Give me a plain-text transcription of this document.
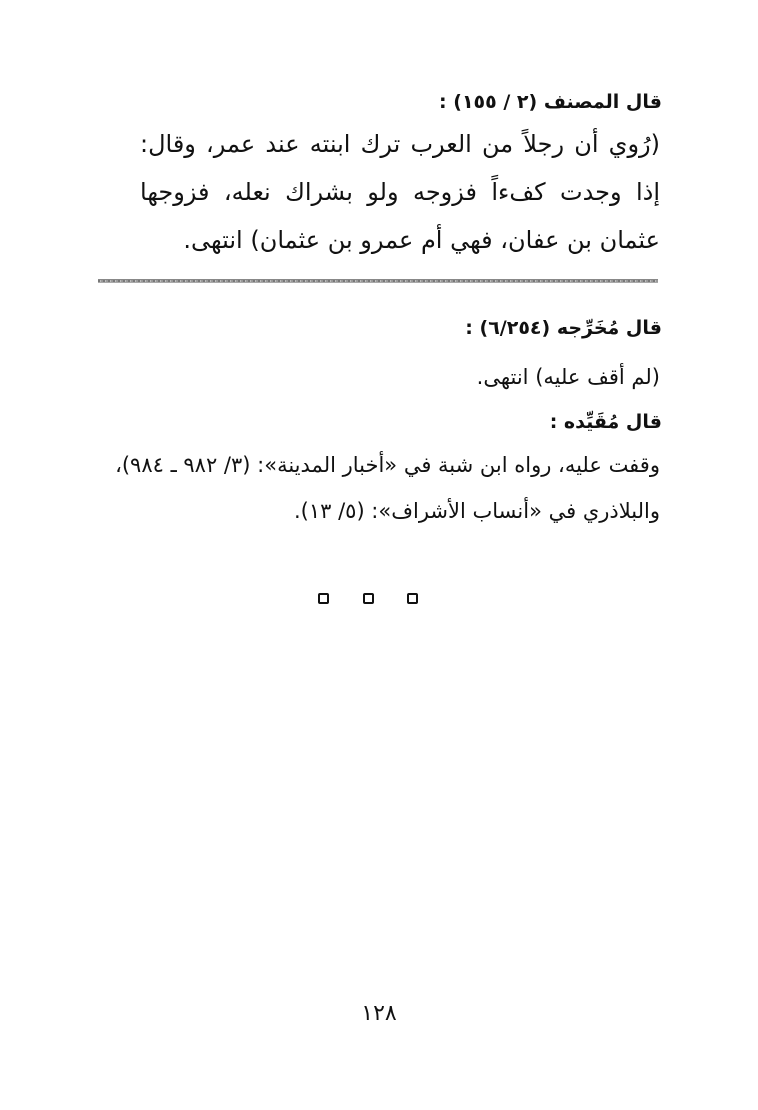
قال المصنف (٢ / ١٥٥) :
(رُوي أن رجلاً من العرب ترك ابنته عند عمر، وقال: إذا وجدت كفءاً فزوجه ولو بشراك نعله، فزوجها عثمان بن عفان، فهي أم عمرو بن عثمان) انتهى.
قال مُخَرِّجه (٦/٢٥٤) :
(لم أقف عليه) انتهى.
قال مُقَيِّده :
وقفت عليه، رواه ابن شبة في «أخبار المدينة»: (٣/ ٩٨٢ ـ ٩٨٤)،
والبلاذري في «أنساب الأشراف»: (٥/ ١٣).
١٢٨
